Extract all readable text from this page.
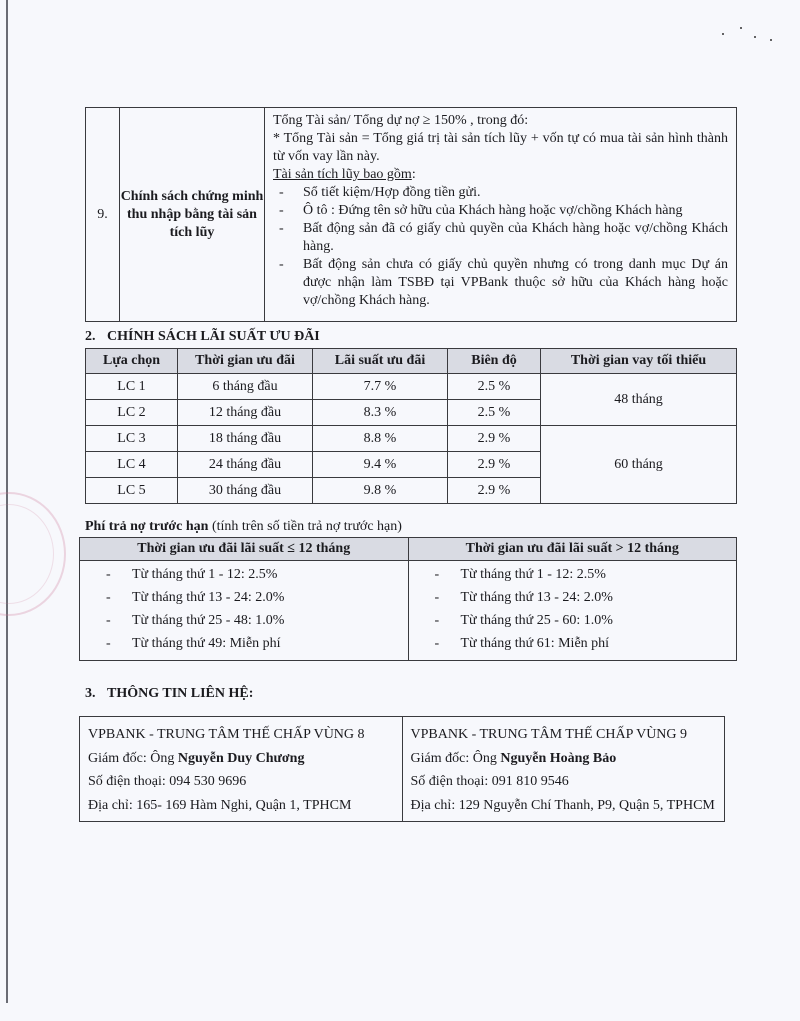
9.	Chính sách chứng minh thu nhập bằng tài sản tích lũy	

Tổng Tài sản/ Tổng dự nợ ≥ 150% , trong đó:

* Tổng Tài sản = Tổng giá trị tài sản tích lũy + vốn tự có mua tài sản hình thành từ vốn vay lần này.

Tài sản tích lũy bao gồm:

- Sổ tiết kiệm/Hợp đồng tiền gửi.
- Ô tô : Đứng tên sở hữu của Khách hàng hoặc vợ/chồng Khách hàng
- Bất động sản đã có giấy chủ quyền của Khách hàng hoặc vợ/chồng Khách hàng.
- Bất động sản chưa có giấy chủ quyền nhưng có trong danh mục Dự án được nhận làm TSBĐ tại VPBank thuộc sở hữu của Khách hàng hoặc vợ/chồng Khách hàng.
2. CHÍNH SÁCH LÃI SUẤT ƯU ĐÃI
Lựa chọn	Thời gian ưu đãi	Lãi suất ưu đãi	Biên độ	Thời gian vay tối thiểu
LC 1	6 tháng đầu	7.7 %	2.5 %	48 tháng
LC 2	12 tháng đầu	8.3 %	2.5 %
LC 3	18 tháng đầu	8.8 %	2.9 %	60 tháng
LC 4	24 tháng đầu	9.4 %	2.9 %
LC 5	30 tháng đầu	9.8 %	2.9 %
Phí trả nợ trước hạn (tính trên số tiền trả nợ trước hạn)
Thời gian ưu đãi lãi suất ≤ 12 tháng	Thời gian ưu đãi lãi suất > 12 tháng

- Từ tháng thứ 1 - 12: 2.5%
- Từ tháng thứ 13 - 24: 2.0%
- Từ tháng thứ 25 - 48: 1.0%
- Từ tháng thứ 49: Miễn phí

- Từ tháng thứ 1 - 12: 2.5%
- Từ tháng thứ 13 - 24: 2.0%
- Từ tháng thứ 25 - 60: 1.0%
- Từ tháng thứ 61: Miễn phí
3. THÔNG TIN LIÊN HỆ:

VPBANK - TRUNG TÂM THẾ CHẤP VÙNG 8

Giám đốc: Ông Nguyễn Duy Chương

Số điện thoại: 094 530 9696

Địa chỉ: 165- 169 Hàm Nghi, Quận 1, TPHCM

VPBANK - TRUNG TÂM THẾ CHẤP VÙNG 9

Giám đốc: Ông Nguyễn Hoàng Bảo

Số điện thoại: 091 810 9546

Địa chỉ: 129 Nguyễn Chí Thanh, P9, Quận 5, TPHCM
